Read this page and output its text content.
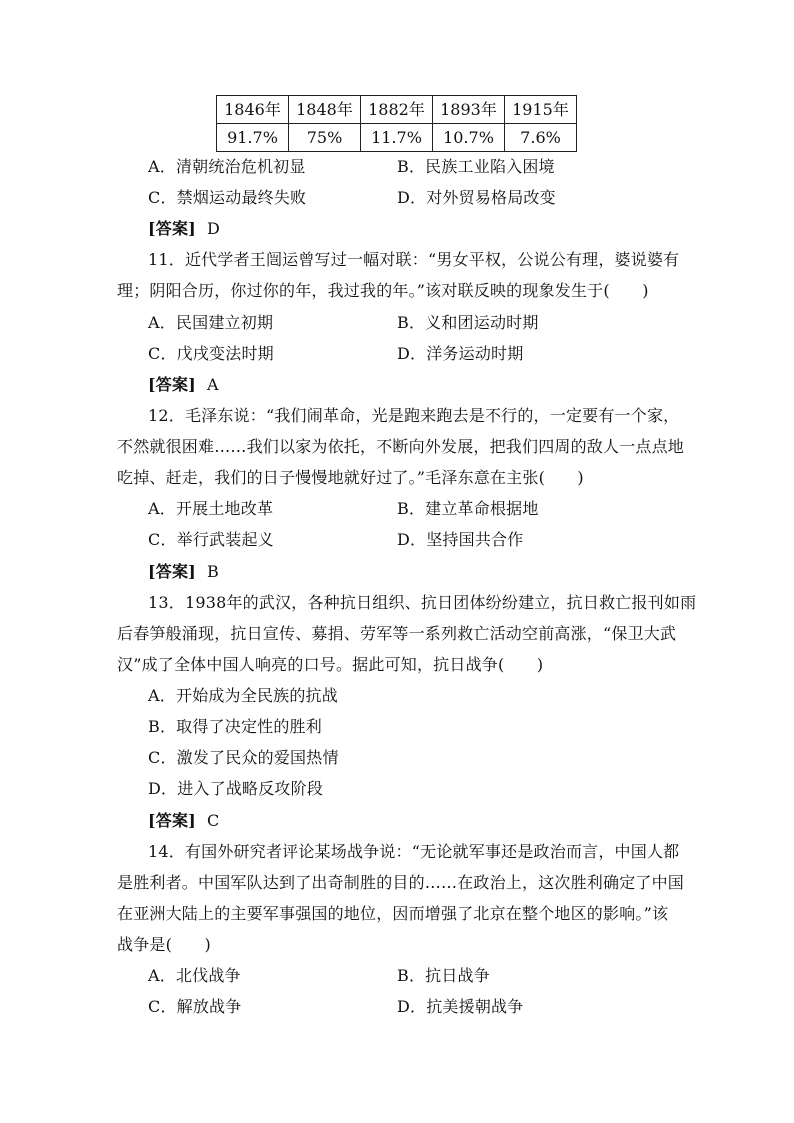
1846年	1848年	1882年	1893年	1915年
91.7%	75%	11.7%	10.7%	7.6%
A．清朝统治危机初显	B．民族工业陷入困境
C．禁烟运动最终失败	D．对外贸易格局改变
[答案] D
11．近代学者王闿运曾写过一幅对联：“男女平权，公说公有理，婆说婆有
理；阴阳合历，你过你的年，我过我的年。”该对联反映的现象发生于(　　)
A．民国建立初期	B．义和团运动时期
C．戊戌变法时期	D．洋务运动时期
[答案] A
12．毛泽东说：“我们闹革命，光是跑来跑去是不行的，一定要有一个家，
不然就很困难……我们以家为依托，不断向外发展，把我们四周的敌人一点点地
吃掉、赶走，我们的日子慢慢地就好过了。”毛泽东意在主张(　　)
A．开展土地改革	B．建立革命根据地
C．举行武装起义	D．坚持国共合作
[答案] B
13．1938年的武汉，各种抗日组织、抗日团体纷纷建立，抗日救亡报刊如雨
后春笋般涌现，抗日宣传、募捐、劳军等一系列救亡活动空前高涨，“保卫大武
汉”成了全体中国人响亮的口号。据此可知，抗日战争(　　)
A．开始成为全民族的抗战
B．取得了决定性的胜利
C．激发了民众的爱国热情
D．进入了战略反攻阶段
[答案] C
14．有国外研究者评论某场战争说：“无论就军事还是政治而言，中国人都
是胜利者。中国军队达到了出奇制胜的目的……在政治上，这次胜利确定了中国
在亚洲大陆上的主要军事强国的地位，因而增强了北京在整个地区的影响。”该
战争是(　　)
A．北伐战争	B．抗日战争
C．解放战争	D．抗美援朝战争
